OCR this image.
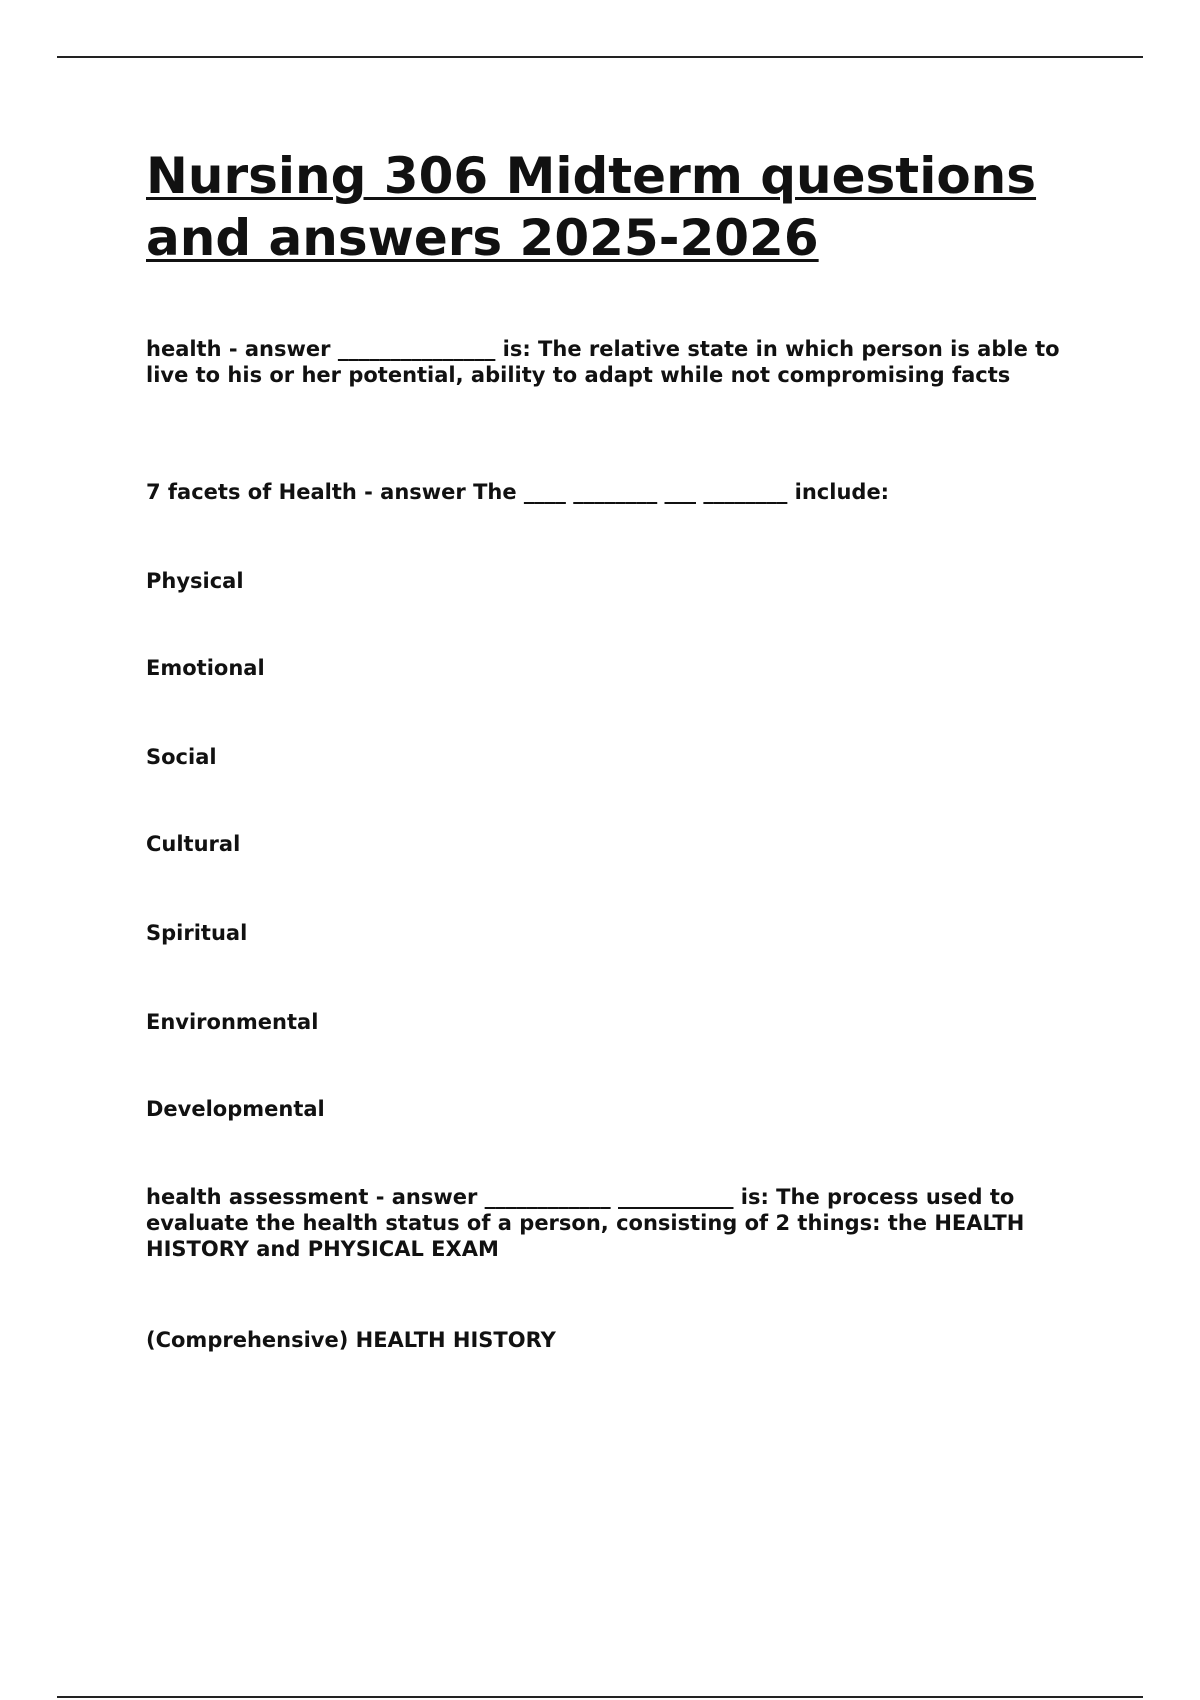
Nursing 306 Midterm questions and answers 2025-2026

health - answer _______________ is: The relative state in which person is able to live to his or her potential, ability to adapt while not compromising facts

7 facets of Health - answer The ____ ________ ___ ________ include:

Physical

Emotional

Social

Cultural

Spiritual

Environmental

Developmental

health assessment - answer ____________ ___________ is: The process used to evaluate the health status of a person, consisting of 2 things: the HEALTH HISTORY and PHYSICAL EXAM

(Comprehensive) HEALTH HISTORY
